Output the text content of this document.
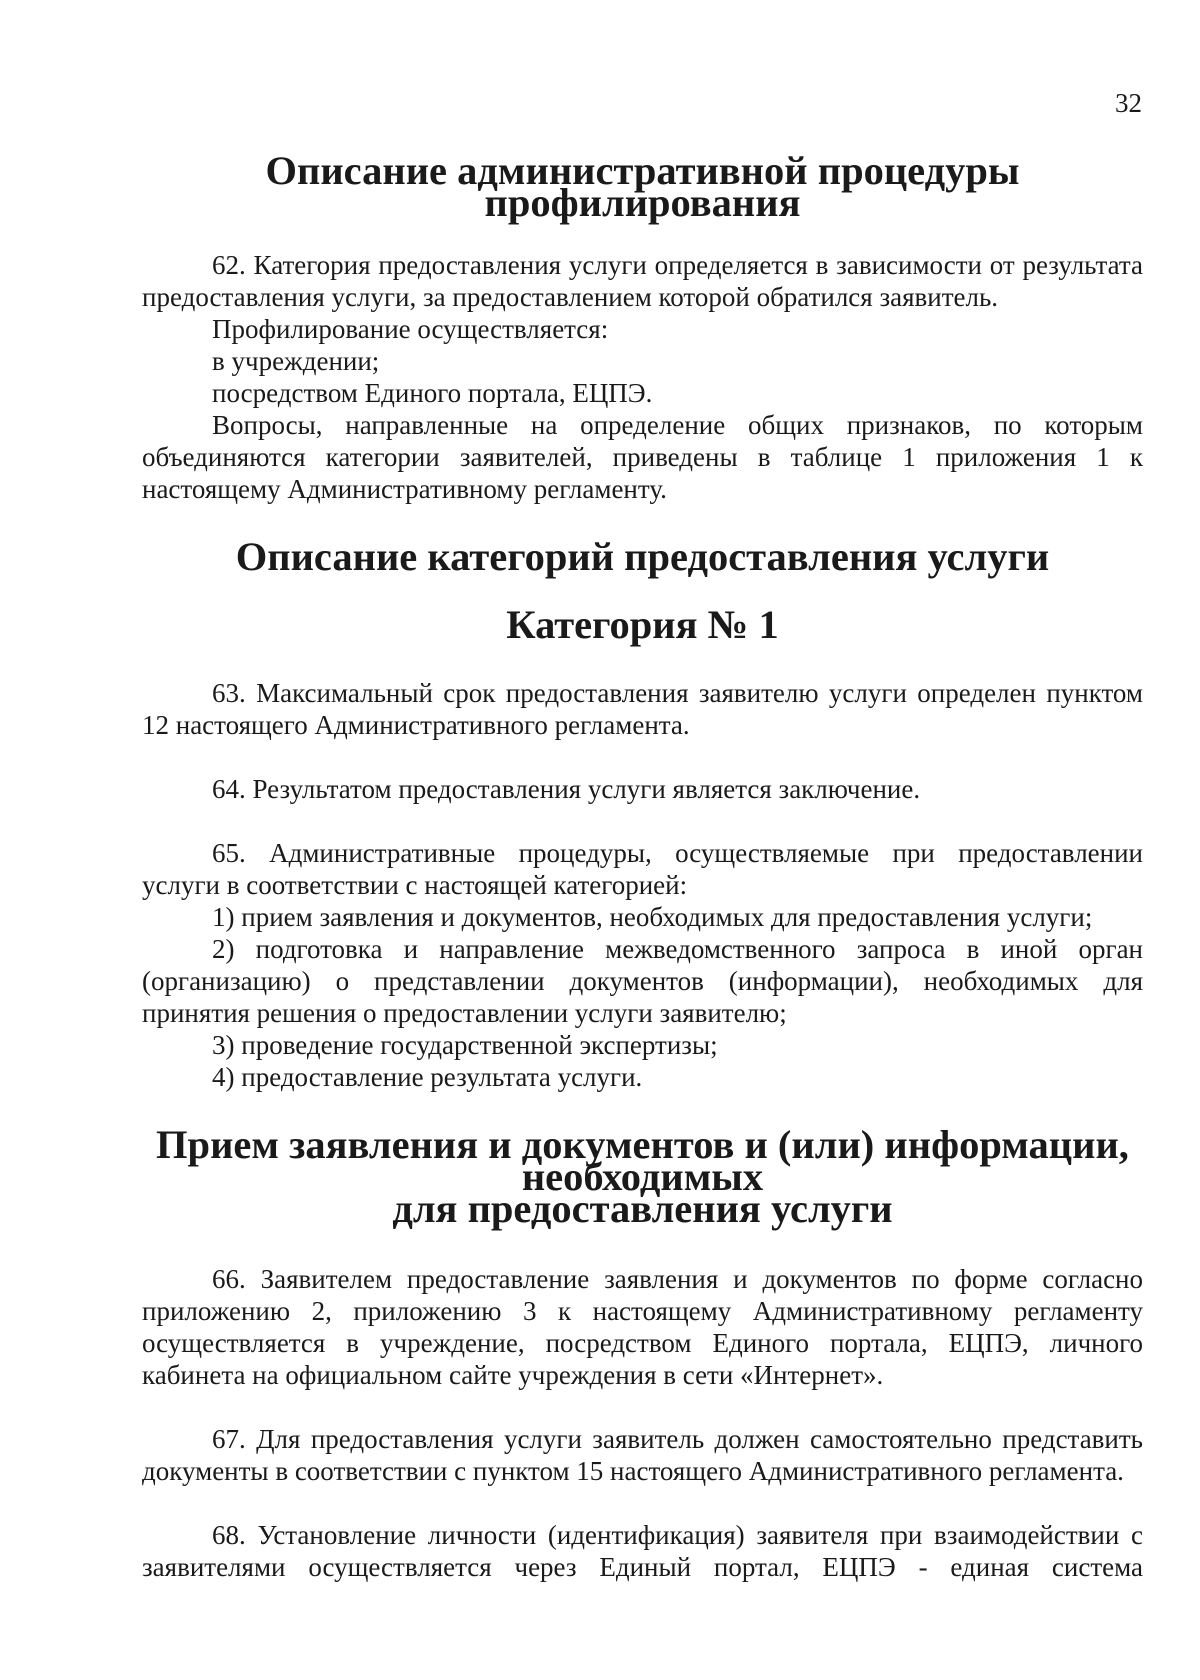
32

Описание административной процедуры профилирования

62. Категория предоставления услуги определяется в зависимости от результата предоставления услуги, за предоставлением которой обратился заявитель.

Профилирование осуществляется:

в учреждении;

посредством Единого портала, ЕЦПЭ.

Вопросы, направленные на определение общих признаков, по которым объединяются категории заявителей, приведены в таблице 1 приложения 1 к настоящему Административному регламенту.

Описание категорий предоставления услуги
Категория № 1

63. Максимальный срок предоставления заявителю услуги определен пунктом 12 настоящего Административного регламента.

64. Результатом предоставления услуги является заключение.

65. Административные процедуры, осуществляемые при предоставлении услуги в соответствии с настоящей категорией:

1) прием заявления и документов, необходимых для предоставления услуги;

2) подготовка и направление межведомственного запроса в иной орган (организацию) о представлении документов (информации), необходимых для принятия решения о предоставлении услуги заявителю;

3) проведение государственной экспертизы;

4) предоставление результата услуги.

Прием заявления и документов и (или) информации, необходимых
для предоставления услуги

66. Заявителем предоставление заявления и документов по форме согласно приложению 2, приложению 3 к настоящему Административному регламенту осуществляется в учреждение, посредством Единого портала, ЕЦПЭ, личного кабинета на официальном сайте учреждения в сети «Интернет».

67. Для предоставления услуги заявитель должен самостоятельно представить документы в соответствии с пунктом 15 настоящего Административного регламента.

68. Установление личности (идентификация) заявителя при взаимодействии с заявителями осуществляется через Единый портал, ЕЦПЭ - единая система
